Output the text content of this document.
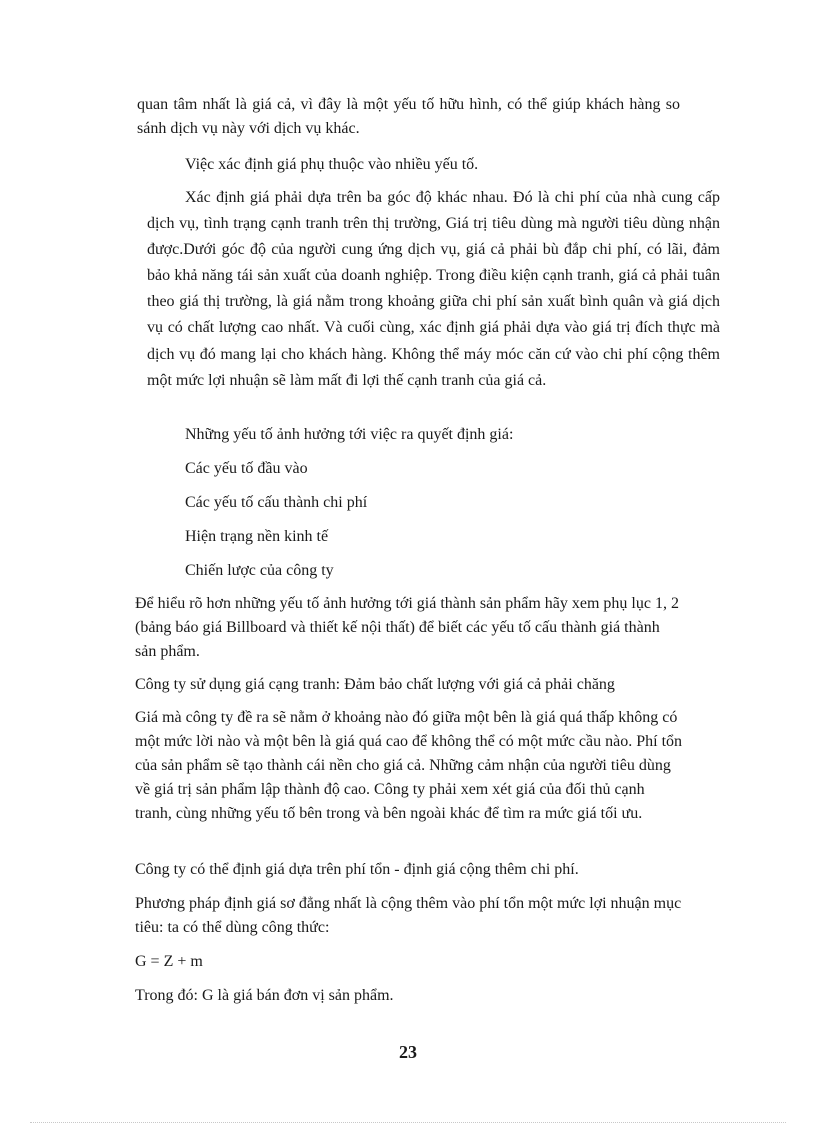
quan tâm nhất là giá cả, vì đây là một yếu tố hữu hình, có thể giúp khách hàng so sánh dịch vụ này với dịch vụ khác.

Việc xác định giá phụ thuộc vào nhiều yếu tố.

Xác định giá phải dựa trên ba góc độ khác nhau. Đó là chi phí của nhà cung cấp dịch vụ, tình trạng cạnh tranh trên thị trường, Giá trị tiêu dùng mà người tiêu dùng nhận được.Dưới góc độ của người cung ứng dịch vụ, giá cả phải bù đắp chi phí, có lãi, đảm bảo khả năng tái sản xuất của doanh nghiệp. Trong điều kiện cạnh tranh, giá cả phải tuân theo giá thị trường, là giá nằm trong khoảng giữa chi phí sản xuất bình quân và giá dịch vụ có chất lượng cao nhất. Và cuối cùng, xác định giá phải dựa vào giá trị đích thực mà dịch vụ đó mang lại cho khách hàng. Không thể máy móc căn cứ vào chi phí cộng thêm một mức lợi nhuận sẽ làm mất đi lợi thế cạnh tranh của giá cả.

Những yếu tố ảnh hưởng tới việc ra quyết định giá:

Các yếu tố đầu vào

Các yếu tố cấu thành chi phí

Hiện trạng nền kinh tế

Chiến lược của công ty

Để hiểu rõ hơn những yếu tố ảnh hưởng tới giá thành sản phẩm hãy xem phụ lục 1, 2 (bảng báo giá Billboard và thiết kế nội thất) để biết các yếu tố cấu thành giá thành sản phẩm.

Công ty sử dụng giá cạng tranh: Đảm bảo chất lượng với giá cả phải chăng

Giá mà công ty đề ra sẽ nằm ở khoảng nào đó giữa một bên là giá quá thấp không có một mức lời nào và một bên là giá quá cao để không thể có một mức cầu nào. Phí tổn của sản phẩm sẽ tạo thành cái nền cho giá cả. Những cảm nhận của người tiêu dùng về giá trị sản phẩm lập thành độ cao. Công ty phải xem xét giá của đối thủ cạnh tranh, cùng những yếu tố bên trong và bên ngoài khác để tìm ra mức giá tối ưu.

Công ty có thể định giá dựa trên phí tổn - định giá cộng thêm chi phí.

Phương pháp định giá sơ đẳng nhất là cộng thêm vào phí tổn một mức lợi nhuận mục tiêu: ta có thể dùng công thức:

G = Z + m

Trong đó: G là giá bán đơn vị sản phẩm.

23
